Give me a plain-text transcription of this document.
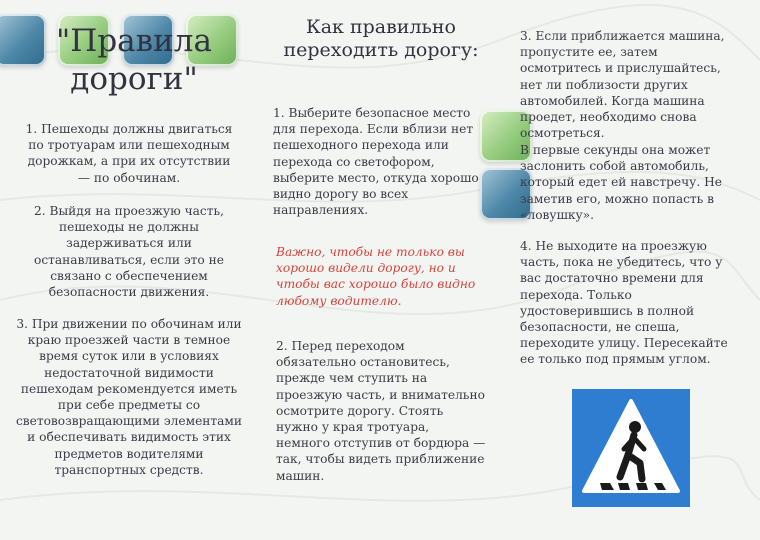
"Правила дороги"
Как правильно переходить дорогу:
1. Пешеходы должны двигаться по тротуарам или пешеходным дорожкам, а при их отсутствии — по обочинам.
2. Выйдя на проезжую часть, пешеходы не должны задерживаться или останавливаться, если это не связано с обеспечением безопасности движения.
3. При движении по обочинам или краю проезжей части в темное время суток или в условиях недостаточной видимости пешеходам рекомендуется иметь при себе предметы со световозвращающими элементами и обеспечивать видимость этих предметов водителями транспортных средств.
1. Выберите безопасное место для перехода. Если вблизи нет пешеходного перехода или перехода со светофором, выберите место, откуда хорошо видно дорогу во всех направлениях.
Важно, чтобы не только вы хорошо видели дорогу, но и чтобы вас хорошо было видно любому водителю.
2. Перед переходом обязательно остановитесь, прежде чем ступить на проезжую часть, и внимательно осмотрите дорогу. Стоять нужно у края тротуара, немного отступив от бордюра — так, чтобы видеть приближение машин.
3. Если приближается машина, пропустите ее, затем осмотритесь и прислушайтесь, нет ли поблизости других автомобилей. Когда машина проедет, необходимо снова осмотреться.
В первые секунды она может заслонить собой автомобиль, который едет ей навстречу. Не заметив его, можно попасть в «ловушку».
4. Не выходите на проезжую часть, пока не убедитесь, что у вас достаточно времени для перехода. Только удостоверившись в полной безопасности, не спеша, переходите улицу. Пересекайте ее только под прямым углом.
